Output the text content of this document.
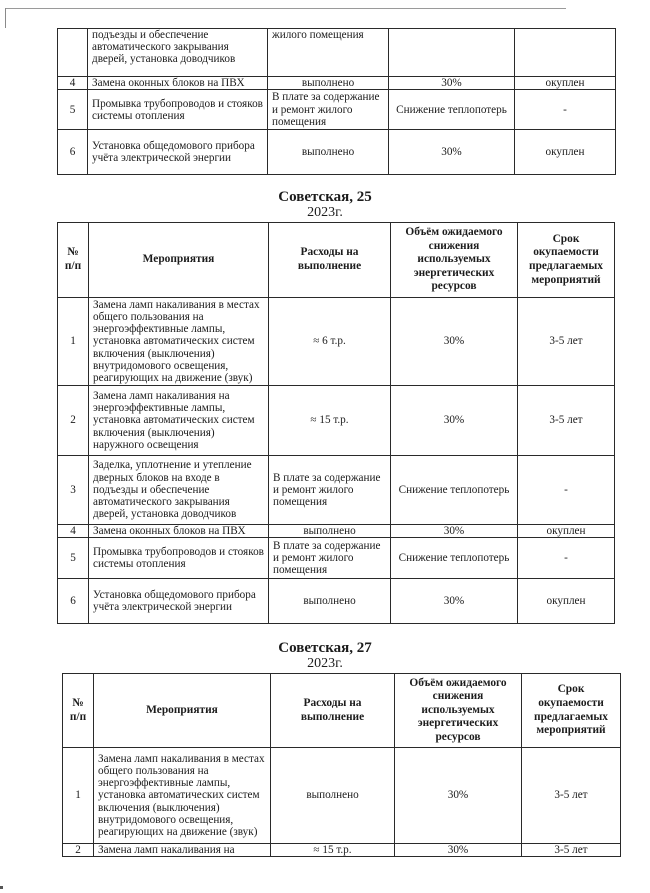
	подъезды и обеспечение автоматического закрывания дверей, установка доводчиков	жилого помещения		
4	Замена оконных блоков на ПВХ	выполнено	30%	окуплен
5	Промывка трубопроводов и стояков системы отопления	В плате за содержание и ремонт жилого помещения	Снижение теплопотерь	-
6	Установка общедомового прибора учёта электрической энергии	выполнено	30%	окуплен
Советская, 25
2023г.
№ п/п	Мероприятия	Расходы на выполнение	Объём ожидаемого снижения используемых энергетических ресурсов	Срок окупаемости предлагаемых мероприятий
1	Замена ламп накаливания в местах общего пользования на энергоэффективные лампы, установка автоматических систем включения (выключения) внутридомового освещения, реагирующих на движение (звук)	≈ 6 т.р.	30%	3-5 лет
2	Замена ламп накаливания на энергоэффективные лампы, установка автоматических систем включения (выключения) наружного освещения	≈ 15 т.р.	30%	3-5 лет
3	Заделка, уплотнение и утепление дверных блоков на входе в подъезды и обеспечение автоматического закрывания дверей, установка доводчиков	В плате за содержание и ремонт жилого помещения	Снижение теплопотерь	-
4	Замена оконных блоков на ПВХ	выполнено	30%	окуплен
5	Промывка трубопроводов и стояков системы отопления	В плате за содержание и ремонт жилого помещения	Снижение теплопотерь	-
6	Установка общедомового прибора учёта электрической энергии	выполнено	30%	окуплен
Советская, 27
2023г.
№ п/п	Мероприятия	Расходы на выполнение	Объём ожидаемого снижения используемых энергетических ресурсов	Срок окупаемости предлагаемых мероприятий
1	Замена ламп накаливания в местах общего пользования на энергоэффективные лампы, установка автоматических систем включения (выключения) внутридомового освещения, реагирующих на движение (звук)	выполнено	30%	3-5 лет
2	Замена ламп накаливания на	≈ 15 т.р.	30%	3-5 лет
